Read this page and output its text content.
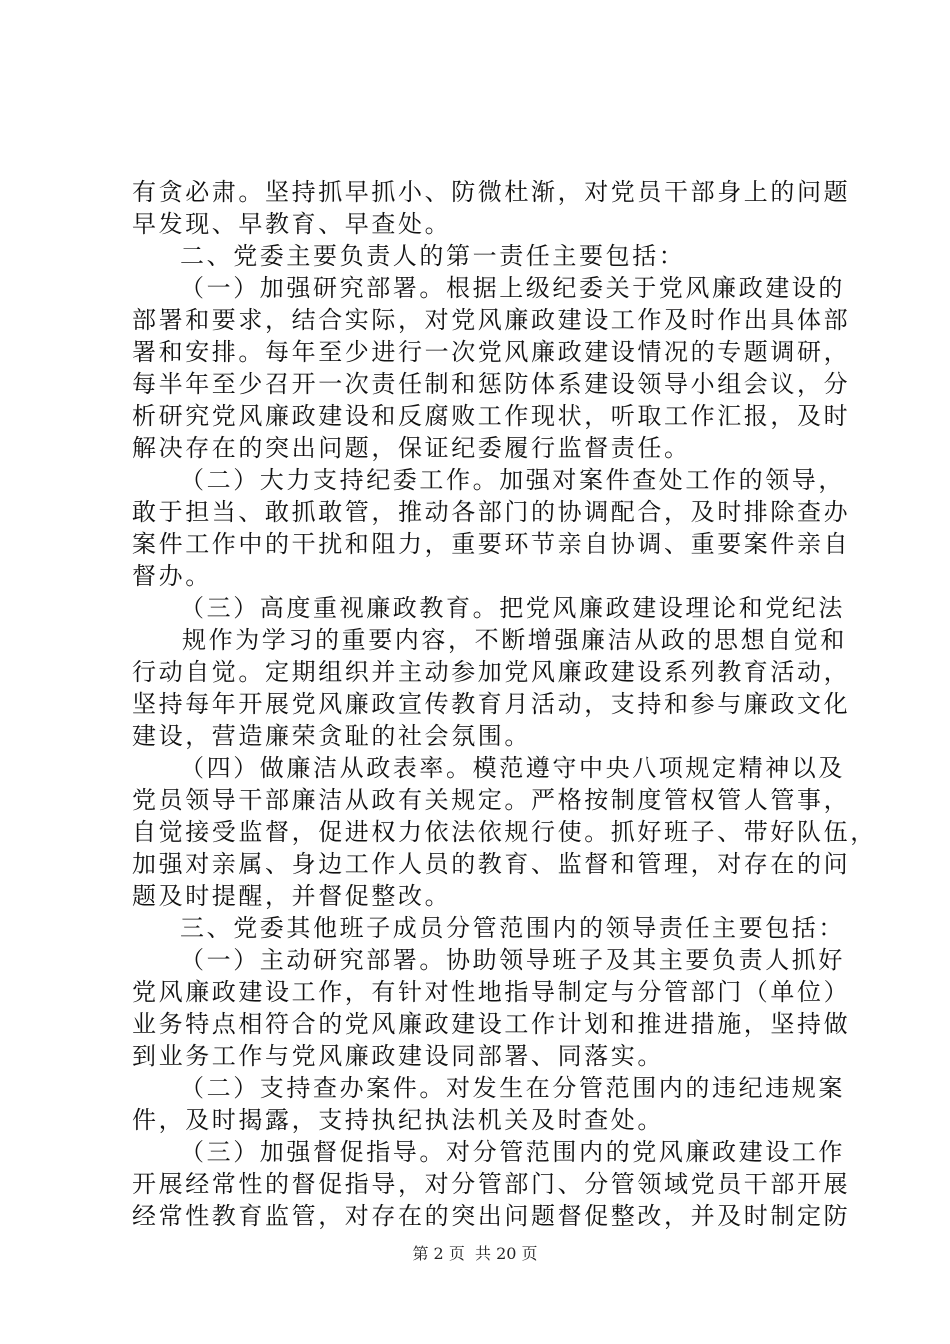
有贪必肃。坚持抓早抓小、防微杜渐，对党员干部身上的问题
早发现、早教育、早查处。
二、党委主要负责人的第一责任主要包括：
（一）加强研究部署。根据上级纪委关于党风廉政建设的
部署和要求，结合实际，对党风廉政建设工作及时作出具体部
署和安排。每年至少进行一次党风廉政建设情况的专题调研，
每半年至少召开一次责任制和惩防体系建设领导小组会议，分
析研究党风廉政建设和反腐败工作现状，听取工作汇报，及时
解决存在的突出问题，保证纪委履行监督责任。
（二）大力支持纪委工作。加强对案件查处工作的领导，
敢于担当、敢抓敢管，推动各部门的协调配合，及时排除查办
案件工作中的干扰和阻力，重要环节亲自协调、重要案件亲自
督办。
（三）高度重视廉政教育。把党风廉政建设理论和党纪法
规作为学习的重要内容，不断增强廉洁从政的思想自觉和
行动自觉。定期组织并主动参加党风廉政建设系列教育活动，
坚持每年开展党风廉政宣传教育月活动，支持和参与廉政文化
建设，营造廉荣贪耻的社会氛围。
（四）做廉洁从政表率。模范遵守中央八项规定精神以及
党员领导干部廉洁从政有关规定。严格按制度管权管人管事，
自觉接受监督，促进权力依法依规行使。抓好班子、带好队伍，
加强对亲属、身边工作人员的教育、监督和管理，对存在的问
题及时提醒，并督促整改。
三、党委其他班子成员分管范围内的领导责任主要包括：
（一）主动研究部署。协助领导班子及其主要负责人抓好
党风廉政建设工作，有针对性地指导制定与分管部门（单位）
业务特点相符合的党风廉政建设工作计划和推进措施，坚持做
到业务工作与党风廉政建设同部署、同落实。
（二）支持查办案件。对发生在分管范围内的违纪违规案
件，及时揭露，支持执纪执法机关及时查处。
（三）加强督促指导。对分管范围内的党风廉政建设工作
开展经常性的督促指导，对分管部门、分管领域党员干部开展
经常性教育监管，对存在的突出问题督促整改，并及时制定防
第 2 页  共 20 页
